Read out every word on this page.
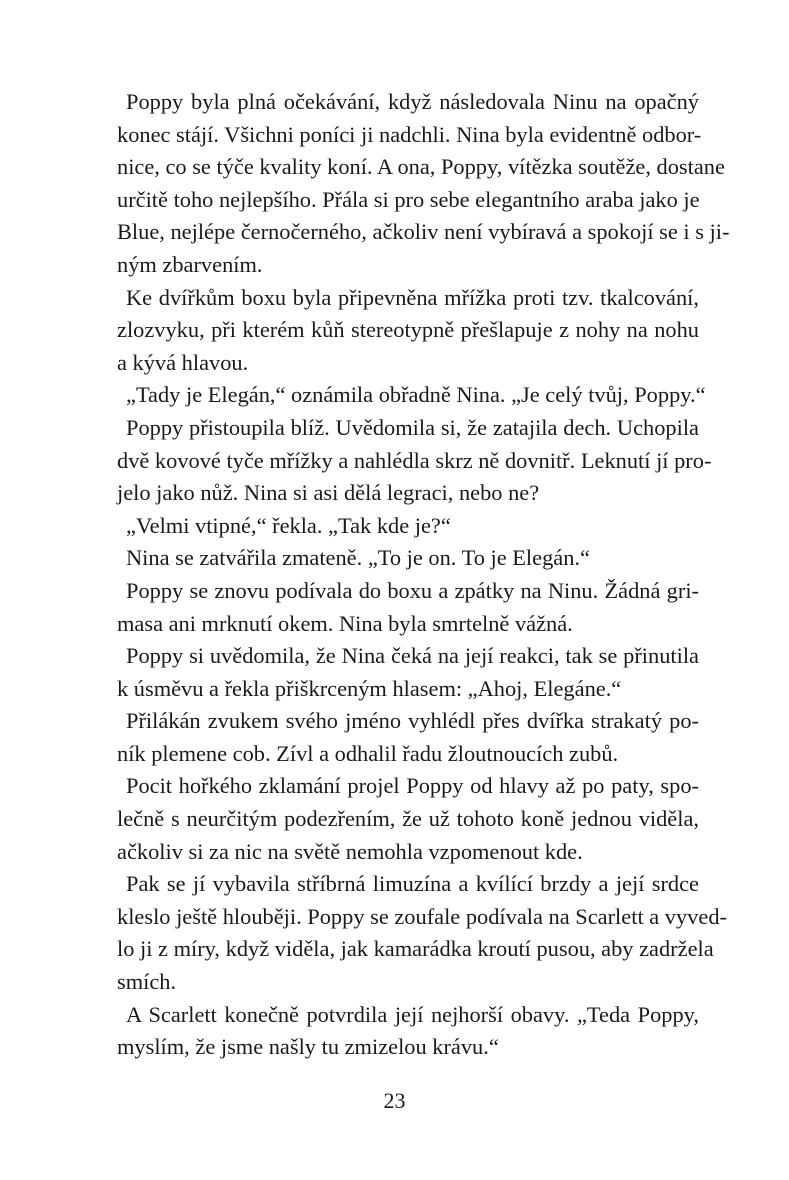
Poppy byla plná očekávání, když následovala Ninu na opačný
konec stájí. Všichni poníci ji nadchli. Nina byla evidentně odbor-
nice, co se týče kvality koní. A ona, Poppy, vítězka soutěže, dostane
určitě toho nejlepšího. Přála si pro sebe elegantního araba jako je
Blue, nejlépe černočerného, ačkoliv není vybíravá a spokojí se i s ji-
ným zbarvením.
Ke dvířkům boxu byla připevněna mřížka proti tzv. tkalcování,
zlozvyku, při kterém kůň stereotypně přešlapuje z nohy na nohu
a kývá hlavou.
„Tady je Elegán,“ oznámila obřadně Nina. „Je celý tvůj, Poppy.“
Poppy přistoupila blíž. Uvědomila si, že zatajila dech. Uchopila
dvě kovové tyče mřížky a nahlédla skrz ně dovnitř. Leknutí jí pro-
jelo jako nůž. Nina si asi dělá legraci, nebo ne?
„Velmi vtipné,“ řekla. „Tak kde je?“
Nina se zatvářila zmateně. „To je on. To je Elegán.“
Poppy se znovu podívala do boxu a zpátky na Ninu. Žádná gri-
masa ani mrknutí okem. Nina byla smrtelně vážná.
Poppy si uvědomila, že Nina čeká na její reakci, tak se přinutila
k úsměvu a řekla přiškrceným hlasem: „Ahoj, Elegáne.“
Přilákán zvukem svého jméno vyhlédl přes dvířka strakatý po-
ník plemene cob. Zívl a odhalil řadu žloutnoucích zubů.
Pocit hořkého zklamání projel Poppy od hlavy až po paty, spo-
lečně s neurčitým podezřením, že už tohoto koně jednou viděla,
ačkoliv si za nic na světě nemohla vzpomenout kde.
Pak se jí vybavila stříbrná limuzína a kvílící brzdy a její srdce
kleslo ještě hlouběji. Poppy se zoufale podívala na Scarlett a vyved-
lo ji z míry, když viděla, jak kamarádka kroutí pusou, aby zadržela
smích.
A Scarlett konečně potvrdila její nejhorší obavy. „Teda Poppy,
myslím, že jsme našly tu zmizelou krávu.“
23
